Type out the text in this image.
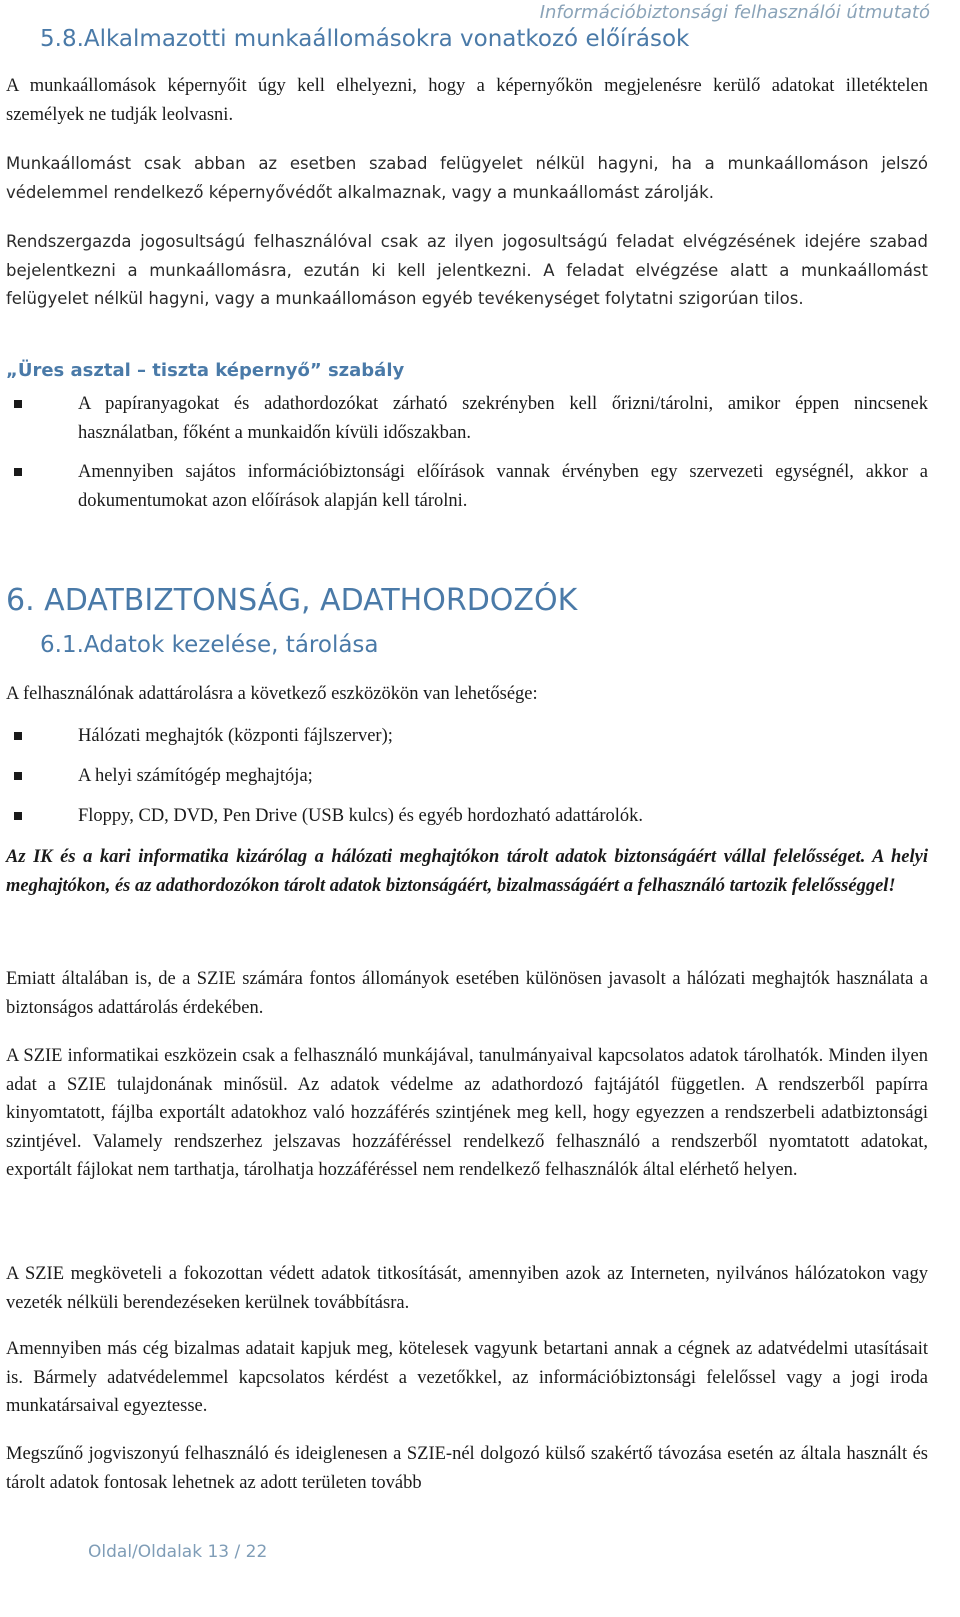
Információbiztonsági felhasználói útmutató
5.8.Alkalmazotti munkaállomásokra vonatkozó előírások
A munkaállomások képernyőit úgy kell elhelyezni, hogy a képernyőkön megjelenésre kerülő adatokat illetéktelen személyek ne tudják leolvasni.
Munkaállomást csak abban az esetben szabad felügyelet nélkül hagyni, ha a munkaállomáson jelszó védelemmel rendelkező képernyővédőt alkalmaznak, vagy a munkaállomást zárolják.
Rendszergazda jogosultságú felhasználóval csak az ilyen jogosultságú feladat elvégzésének idejére szabad bejelentkezni a munkaállomásra, ezután ki kell jelentkezni. A feladat elvégzése alatt a munkaállomást felügyelet nélkül hagyni, vagy a munkaállomáson egyéb tevékenységet folytatni szigorúan tilos.
„Üres asztal – tiszta képernyő” szabály
A papíranyagokat és adathordozókat zárható szekrényben kell őrizni/tárolni, amikor éppen nincsenek használatban, főként a munkaidőn kívüli időszakban.
Amennyiben sajátos információbiztonsági előírások vannak érvényben egy szervezeti egységnél, akkor a dokumentumokat azon előírások alapján kell tárolni.
6. ADATBIZTONSÁG, ADATHORDOZÓK
6.1.Adatok kezelése, tárolása
A felhasználónak adattárolásra a következő eszközökön van lehetősége:
Hálózati meghajtók (központi fájlszerver);
A helyi számítógép meghajtója;
Floppy, CD, DVD, Pen Drive (USB kulcs) és egyéb hordozható adattárolók.
Az IK és a kari informatika kizárólag a hálózati meghajtókon tárolt adatok biztonságáért vállal felelősséget. A helyi meghajtókon, és az adathordozókon tárolt adatok biztonságáért, bizalmasságáért a felhasználó tartozik felelősséggel!
Emiatt általában is, de a SZIE számára fontos állományok esetében különösen javasolt a hálózati meghajtók használata a biztonságos adattárolás érdekében.
A SZIE informatikai eszközein csak a felhasználó munkájával, tanulmányaival kapcsolatos adatok tárolhatók. Minden ilyen adat a SZIE tulajdonának minősül. Az adatok védelme az adathordozó fajtájától független. A rendszerből papírra kinyomtatott, fájlba exportált adatokhoz való hozzáférés szintjének meg kell, hogy egyezzen a rendszerbeli adatbiztonsági szintjével. Valamely rendszerhez jelszavas hozzáféréssel rendelkező felhasználó a rendszerből nyomtatott adatokat, exportált fájlokat nem tarthatja, tárolhatja hozzáféréssel nem rendelkező felhasználók által elérhető helyen.
A SZIE megköveteli a fokozottan védett adatok titkosítását, amennyiben azok az Interneten, nyilvános hálózatokon vagy vezeték nélküli berendezéseken kerülnek továbbításra.
Amennyiben más cég bizalmas adatait kapjuk meg, kötelesek vagyunk betartani annak a cégnek az adatvédelmi utasításait is. Bármely adatvédelemmel kapcsolatos kérdést a vezetőkkel, az információbiztonsági felelőssel vagy a jogi iroda munkatársaival egyeztesse.
Megszűnő jogviszonyú felhasználó és ideiglenesen a SZIE-nél dolgozó külső szakértő távozása esetén az általa használt és tárolt adatok fontosak lehetnek az adott területen tovább
Oldal/Oldalak 13 / 22
